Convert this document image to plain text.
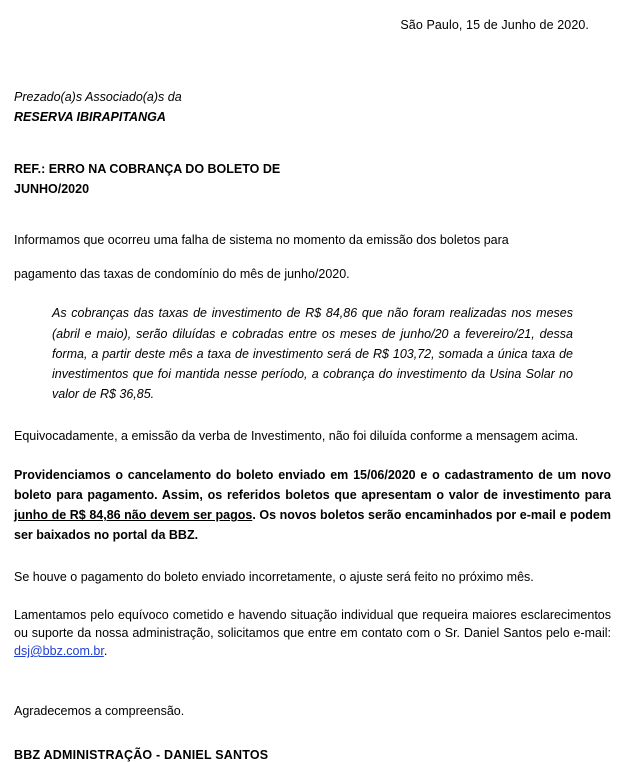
São Paulo, 15 de Junho de 2020.
Prezado(a)s Associado(a)s da
RESERVA IBIRAPITANGA
REF.: ERRO NA COBRANÇA DO BOLETO DE JUNHO/2020
Informamos que ocorreu uma falha de sistema no momento da emissão dos boletos para
pagamento das taxas de condomínio do mês de junho/2020.
As cobranças das taxas de investimento de R$ 84,86 que não foram realizadas nos meses (abril e maio), serão diluídas e cobradas entre os meses de junho/20 a fevereiro/21, dessa forma, a partir deste mês a taxa de investimento será de R$ 103,72, somada a única taxa de investimentos que foi mantida nesse período, a cobrança do investimento da Usina Solar no valor de R$ 36,85.
Equivocadamente, a emissão da verba de Investimento, não foi diluída conforme a mensagem acima.
Providenciamos o cancelamento do boleto enviado em 15/06/2020 e o cadastramento de um novo boleto para pagamento. Assim, os referidos boletos que apresentam o valor de investimento para junho de R$ 84,86 não devem ser pagos. Os novos boletos serão encaminhados por e-mail e podem ser baixados no portal da BBZ.
Se houve o pagamento do boleto enviado incorretamente, o ajuste será feito no próximo mês.
Lamentamos pelo equívoco cometido e havendo situação individual que requeira maiores esclarecimentos ou suporte da nossa administração, solicitamos que entre em contato com o Sr. Daniel Santos pelo e-mail: dsj@bbz.com.br.
Agradecemos a compreensão.
BBZ ADMINISTRAÇÃO - DANIEL SANTOS
